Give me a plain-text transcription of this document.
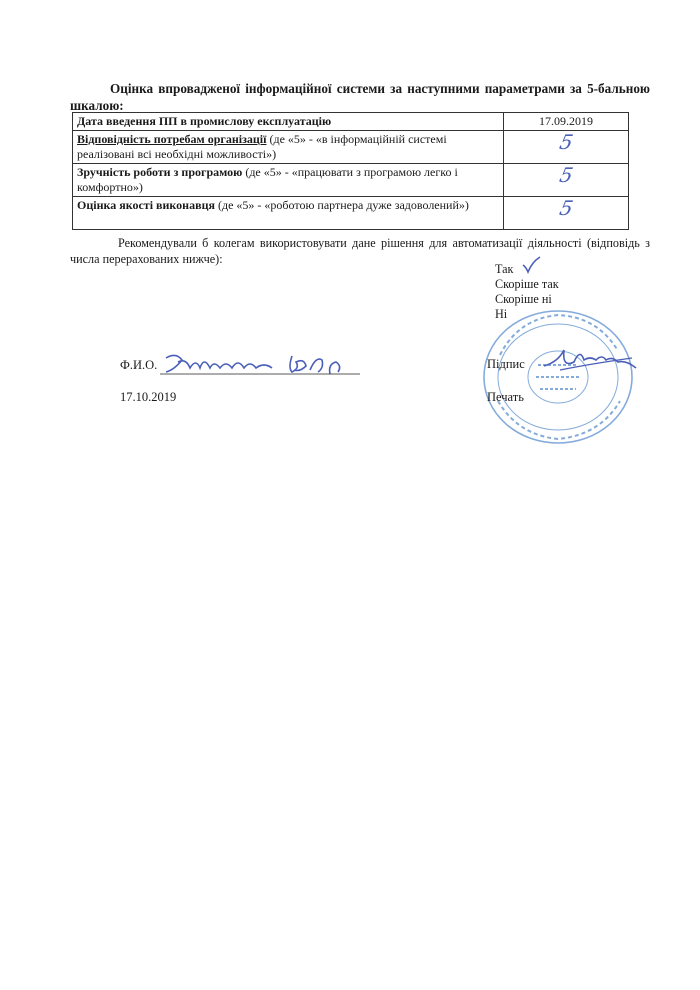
Оцінка впровадженої інформаційної системи за наступними параметрами за 5-бальною шкалою:
Дата введення ПП в промислову експлуатацію	17.09.2019
Відповідність потребам організації (де «5» - «в інформаційній системі реалізовані всі необхідні можливості»)	5
Зручність роботи з програмою (де «5» - «працювати з програмою легко і комфортно»)	5
Оцінка якості виконавця (де «5» - «роботою партнера дуже задоволений»)	5
Рекомендували б колегам використовувати дане рішення для автоматизації діяльності (відповідь з числа перерахованих нижче):
Так
Скоріше так
Скоріше ні
Ні
Ф.И.О.
17.10.2019
Підпис
Печать
